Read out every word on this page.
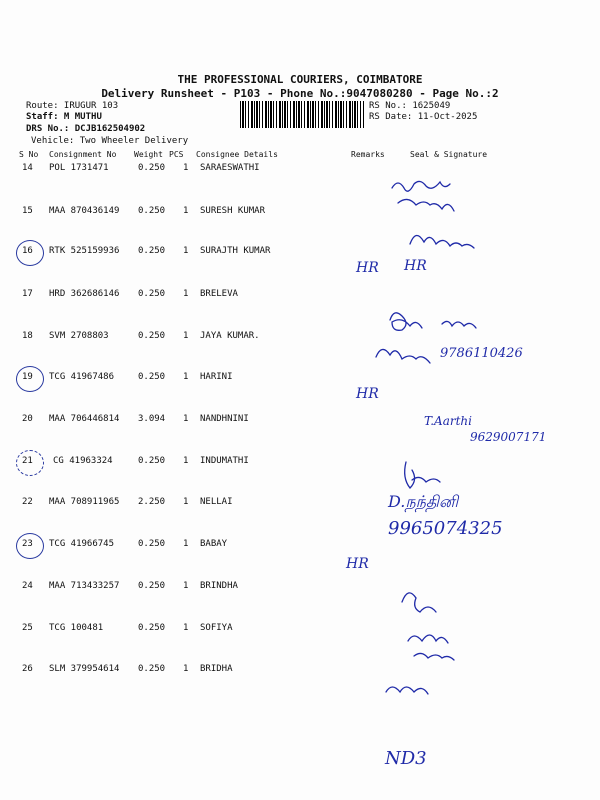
THE PROFESSIONAL COURIERS, COIMBATORE
Delivery Runsheet - P103 - Phone No.:9047080280 - Page No.:2
Route: IRUGUR 103
Staff: M MUTHU
DRS No.: DCJB162504902
Vehicle: Two Wheeler Delivery
RS No.: 1625049
RS Date: 11-Oct-2025
S No Consignment No Weight PCS Consignee Details	Remarks	Seal & Signature
14 POL 1731471	0.250 1 SARAESWATHI
15 MAA 870436149 0.250 1 SURESH KUMAR
16 RTK 525159936 0.250 1 SURAJTH KUMAR
17 HRD 362686146 0.250 1 BRELEVA
18 SVM 2708803	0.250 1 JAYA KUMAR.
19 TCG 41967486	0.250 1 HARINI
20 MAA 706446814 3.094 1 NANDHNINI
21 CG 41963324	0.250 1 INDUMATHI
22 MAA 708911965 2.250 1 NELLAI
23 TCG 41966745	0.250 1 BABAY
24 MAA 713433257 0.250 1 BRINDHA
25 TCG 100481	0.250 1 SOFIYA
26 SLM 379954614 0.250 1 BRIDHA
HR HR
HR
HR
9786110426
T.Aarthi
9629007171
D.நந்தினி
9965074325
ND3
